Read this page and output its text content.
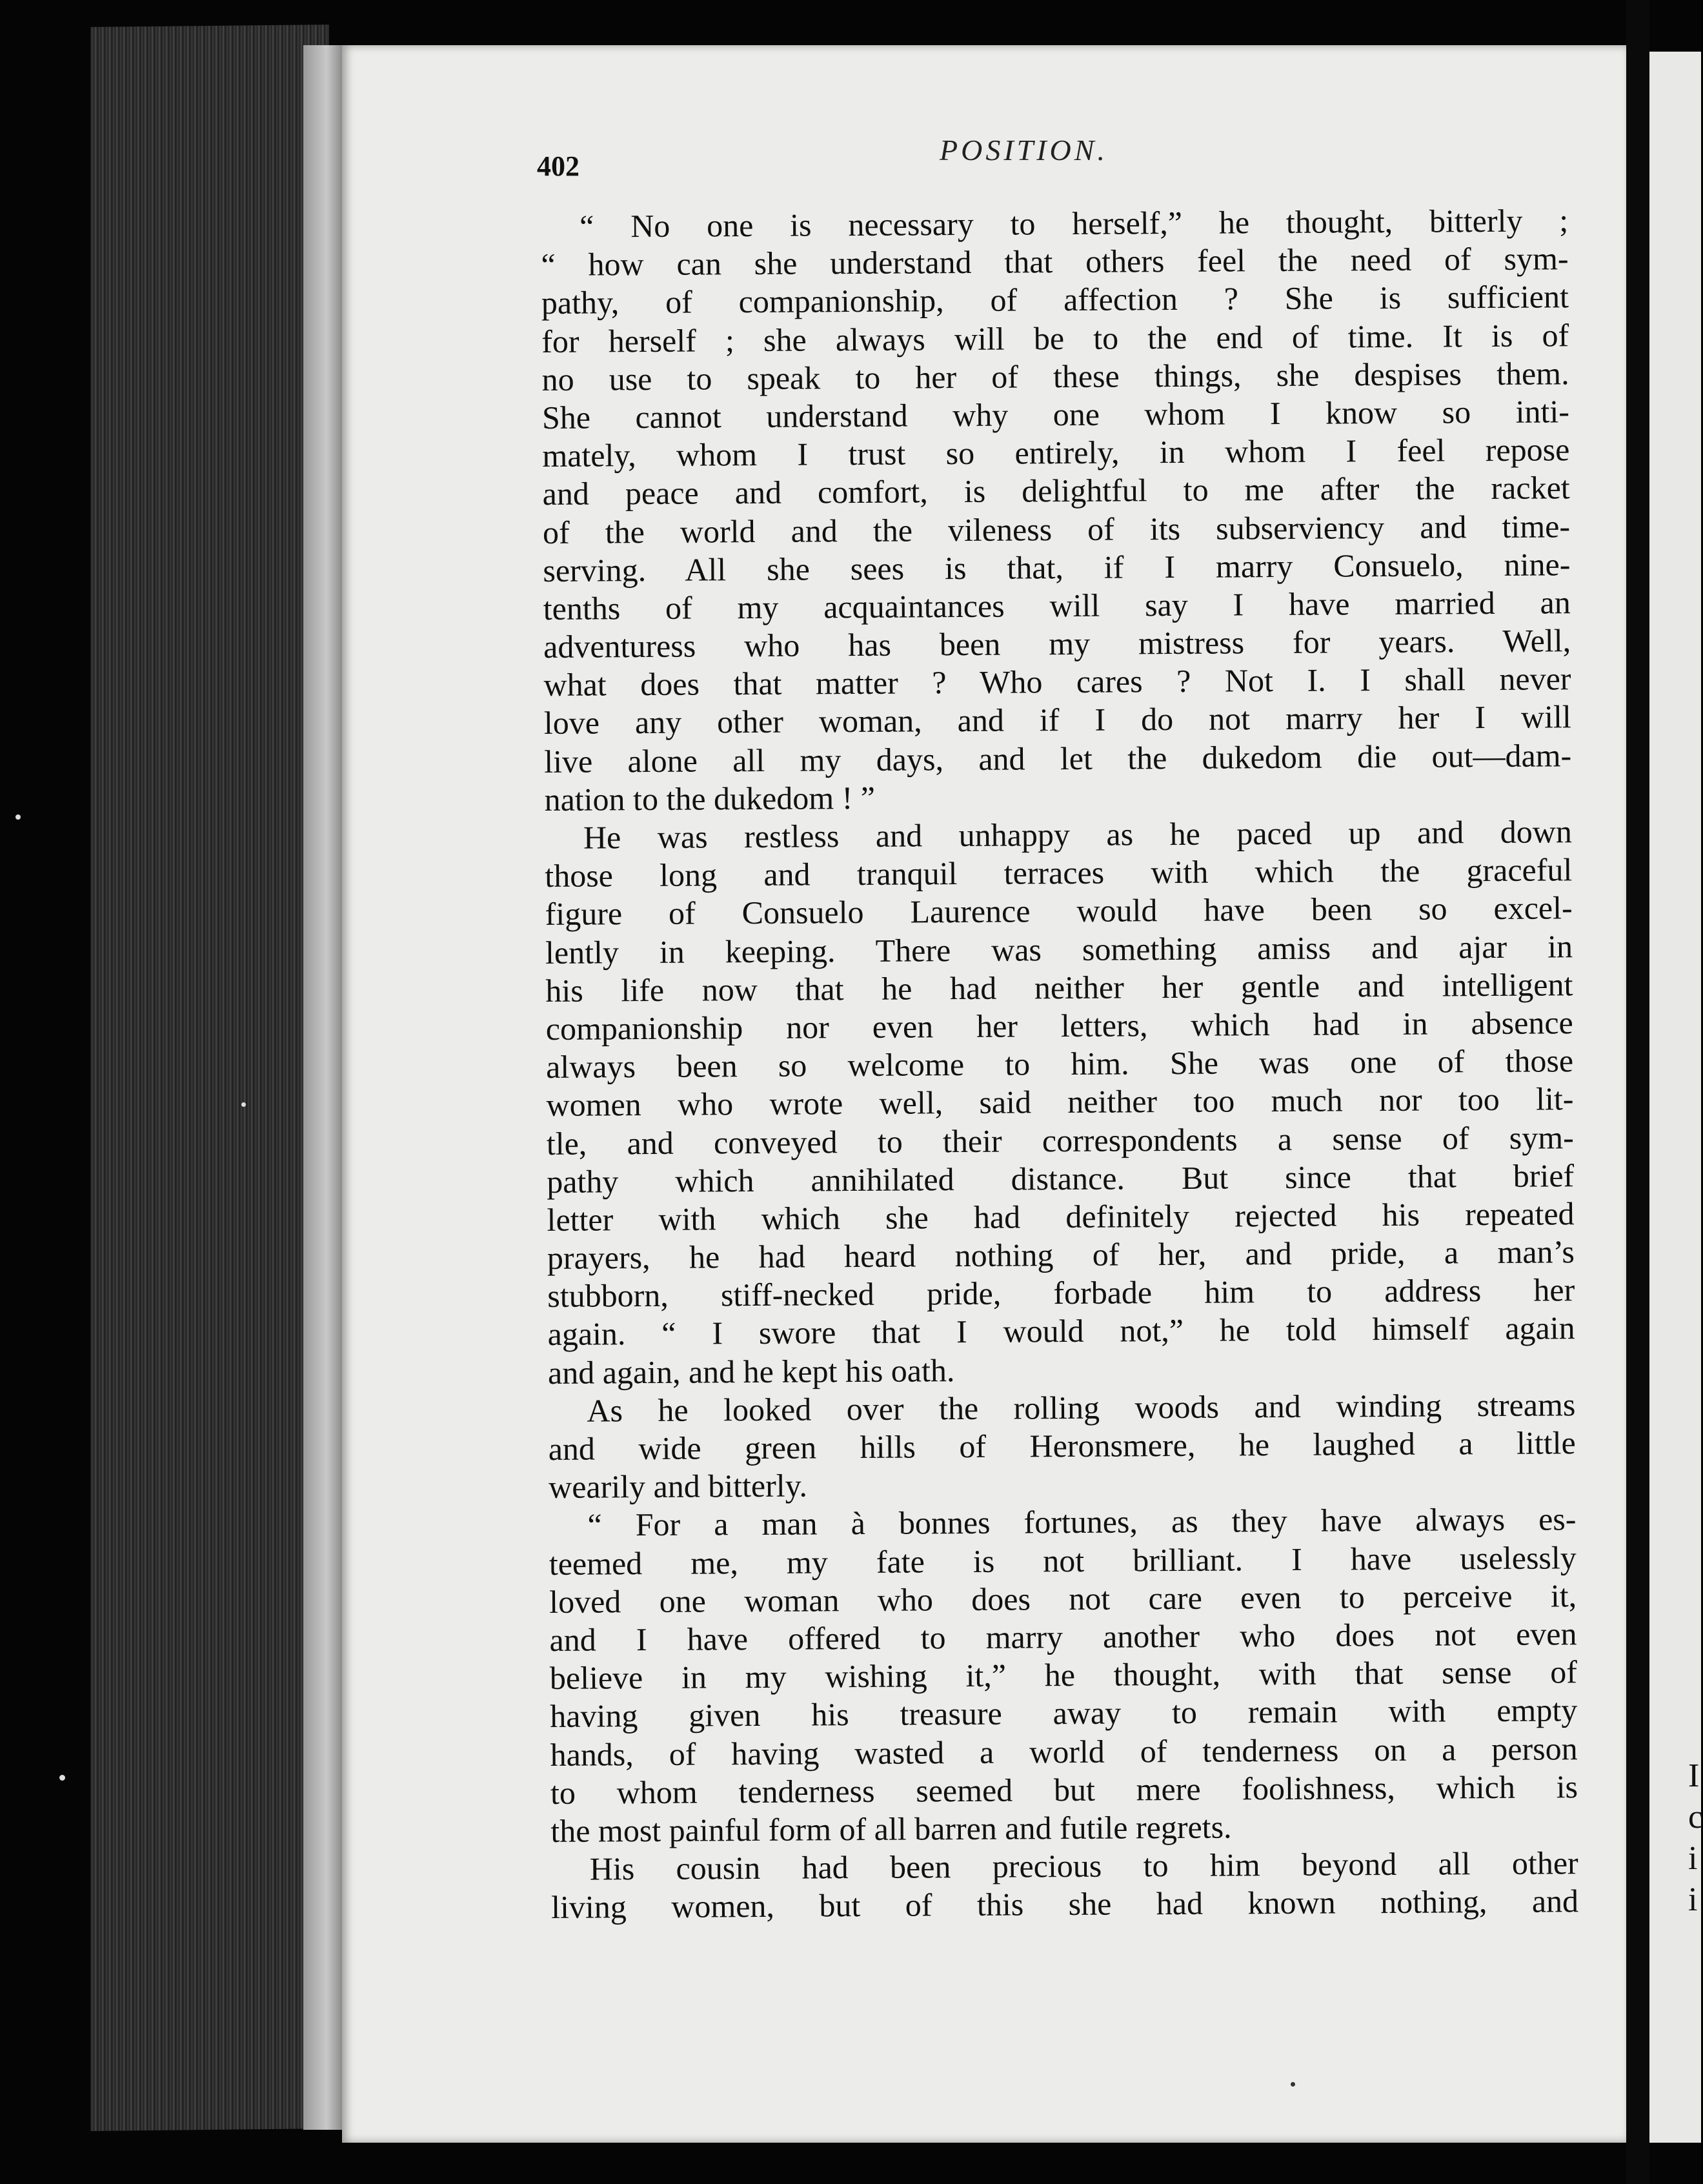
I
c
i
i
402	POSITION.
“ No one is necessary to herself,” he thought, bitterly ;
“ how can she understand that others feel the need of sym-
pathy, of companionship, of affection ? She is sufficient
for herself ; she always will be to the end of time. It is of
no use to speak to her of these things, she despises them.
She cannot understand why one whom I know so inti-
mately, whom I trust so entirely, in whom I feel repose
and peace and comfort, is delightful to me after the racket
of the world and the vileness of its subserviency and time-
serving. All she sees is that, if I marry Consuelo, nine-
tenths of my acquaintances will say I have married an
adventuress who has been my mistress for years. Well,
what does that matter ? Who cares ? Not I. I shall never
love any other woman, and if I do not marry her I will
live alone all my days, and let the dukedom die out—dam-
nation to the dukedom ! ”
He was restless and unhappy as he paced up and down
those long and tranquil terraces with which the graceful
figure of Consuelo Laurence would have been so excel-
lently in keeping. There was something amiss and ajar in
his life now that he had neither her gentle and intelligent
companionship nor even her letters, which had in absence
always been so welcome to him. She was one of those
women who wrote well, said neither too much nor too lit-
tle, and conveyed to their correspondents a sense of sym-
pathy which annihilated distance. But since that brief
letter with which she had definitely rejected his repeated
prayers, he had heard nothing of her, and pride, a man’s
stubborn, stiff-necked pride, forbade him to address her
again. “ I swore that I would not,” he told himself again
and again, and he kept his oath.
As he looked over the rolling woods and winding streams
and wide green hills of Heronsmere, he laughed a little
wearily and bitterly.
“ For a man à bonnes fortunes, as they have always es-
teemed me, my fate is not brilliant. I have uselessly
loved one woman who does not care even to perceive it,
and I have offered to marry another who does not even
believe in my wishing it,” he thought, with that sense of
having given his treasure away to remain with empty
hands, of having wasted a world of tenderness on a person
to whom tenderness seemed but mere foolishness, which is
the most painful form of all barren and futile regrets.
His cousin had been precious to him beyond all other
living women, but of this she had known nothing, and
